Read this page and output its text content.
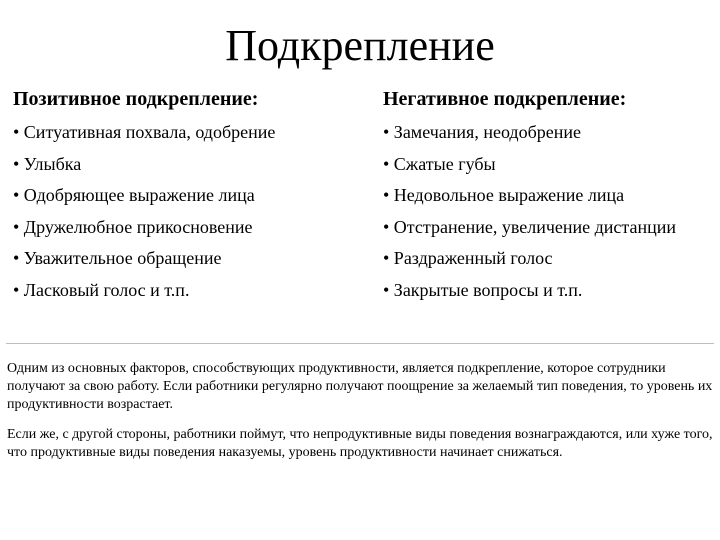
Подкрепление
Позитивное подкрепление:
• Ситуативная похвала, одобрение
• Улыбка
• Одобряющее выражение лица
• Дружелюбное прикосновение
• Уважительное обращение
• Ласковый голос и т.п.
Негативное подкрепление:
• Замечания, неодобрение
• Сжатые губы
• Недовольное выражение лица
• Отстранение, увеличение дистанции
• Раздраженный голос
• Закрытые вопросы и т.п.

Одним из основных факторов, способствующих продуктивности, является подкрепление, которое сотрудники получают за свою работу. Если работники регулярно получают поощрение за желаемый тип поведения, то уровень их продуктивности возрастает.

Если же, с другой стороны, работники поймут, что непродуктивные виды поведения вознаграждаются, или хуже того, что продуктивные виды поведения наказуемы, уровень продуктивности начинает снижаться.
